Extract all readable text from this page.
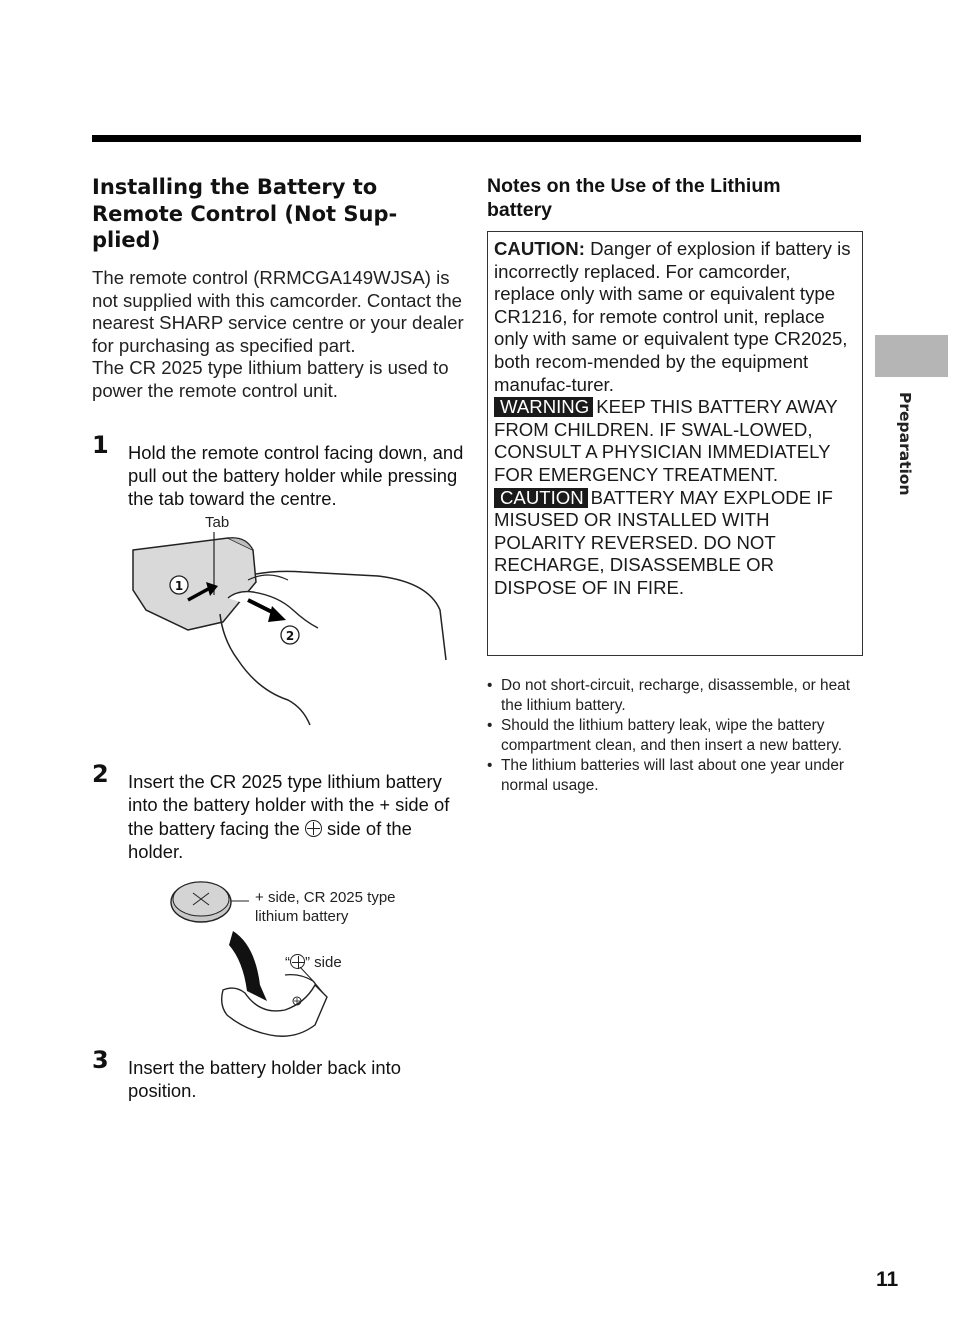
Installing the Battery to Remote Control (Not Sup-plied)

The remote control (RRMCGA149WJSA) is not supplied with this camcorder. Contact the nearest SHARP service centre or your dealer for purchasing as specified part.

The CR 2025 type lithium battery is used to power the remote control unit.

1 Hold the remote control facing down, and pull out the battery holder while pressing the tab toward the centre.
Tab
1
2
2 Insert the CR 2025 type lithium battery into the battery holder with the + side of the battery facing the side of the holder.
+ side, CR 2025 type lithium battery
“ ” side
3 Insert the battery holder back into position.
Notes on the Use of the Lithium battery
CAUTION: Danger of explosion if battery is incorrectly replaced. For camcorder, replace only with same or equivalent type CR1216, for remote control unit, replace only with same or equivalent type CR2025, both recom-mended by the equipment manufac-turer.
WARNING KEEP THIS BATTERY AWAY FROM CHILDREN. IF SWAL-LOWED, CONSULT A PHYSICIAN IMMEDIATELY FOR EMERGENCY TREATMENT.
CAUTION BATTERY MAY EXPLODE IF MISUSED OR INSTALLED WITH POLARITY REVERSED. DO NOT RECHARGE, DISASSEMBLE OR DISPOSE OF IN FIRE.
• Do not short-circuit, recharge, disassemble, or heat the lithium battery.
• Should the lithium battery leak, wipe the battery compartment clean, and then insert a new battery.
• The lithium batteries will last about one year under normal usage.
Preparation
11
